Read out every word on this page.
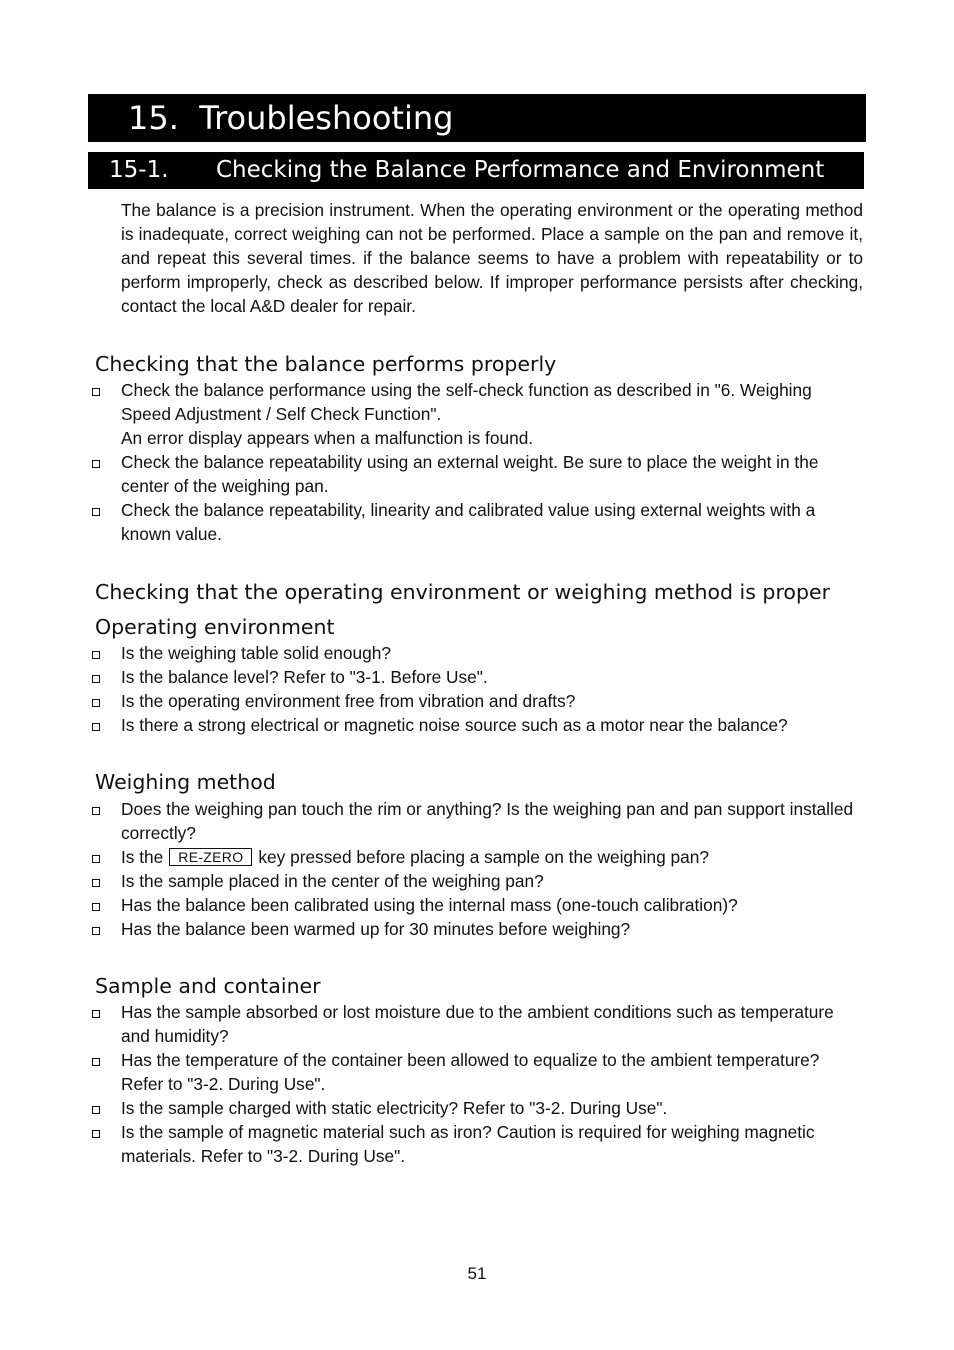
15.  Troubleshooting
15-1. Checking the Balance Performance and Environment

The balance is a precision instrument. When the operating environment or the operating method is inadequate, correct weighing can not be performed. Place a sample on the pan and remove it, and repeat this several times. if the balance seems to have a problem with repeatability or to perform improperly, check as described below. If improper performance persists after checking, contact the local A&D dealer for repair.

Checking that the balance performs properly
Check the balance performance using the self-check function as described in "6. Weighing Speed Adjustment / Self Check Function".
An error display appears when a malfunction is found.
Check the balance repeatability using an external weight. Be sure to place the weight in the center of the weighing pan.
Check the balance repeatability, linearity and calibrated value using external weights with a known value.
Checking that the operating environment or weighing method is proper
Operating environment
Is the weighing table solid enough?
Is the balance level? Refer to "3-1. Before Use".
Is the operating environment free from vibration and drafts?
Is there a strong electrical or magnetic noise source such as a motor near the balance?
Weighing method
Does the weighing pan touch the rim or anything? Is the weighing pan and pan support installed correctly?
Is the RE-ZERO key pressed before placing a sample on the weighing pan?
Is the sample placed in the center of the weighing pan?
Has the balance been calibrated using the internal mass (one-touch calibration)?
Has the balance been warmed up for 30 minutes before weighing?
Sample and container
Has the sample absorbed or lost moisture due to the ambient conditions such as temperature and humidity?
Has the temperature of the container been allowed to equalize to the ambient temperature? Refer to "3-2. During Use".
Is the sample charged with static electricity? Refer to "3-2. During Use".
Is the sample of magnetic material such as iron? Caution is required for weighing magnetic materials. Refer to "3-2. During Use".
51
